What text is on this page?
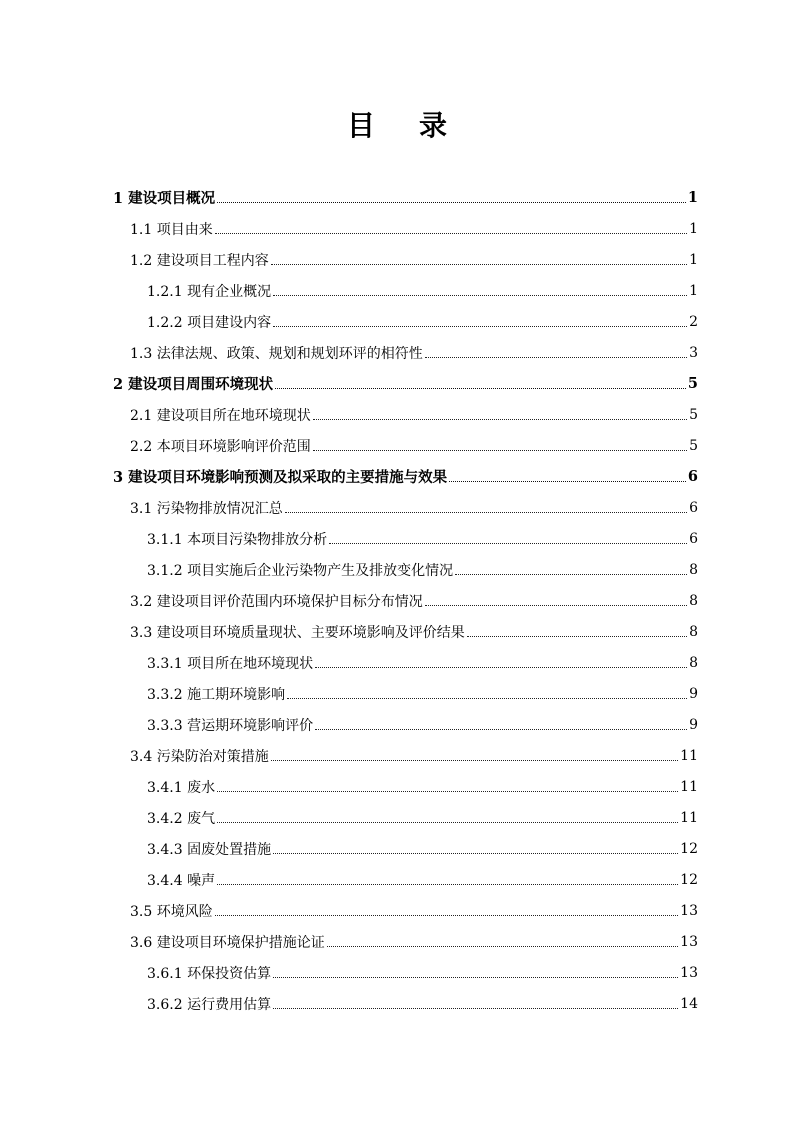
目 录
1 建设项目概况	1
1.1 项目由来	1
1.2 建设项目工程内容	1
1.2.1 现有企业概况	1
1.2.2 项目建设内容	2
1.3 法律法规、政策、规划和规划环评的相符性	3
2 建设项目周围环境现状	5
2.1 建设项目所在地环境现状	5
2.2 本项目环境影响评价范围	5
3 建设项目环境影响预测及拟采取的主要措施与效果	6
3.1 污染物排放情况汇总	6
3.1.1 本项目污染物排放分析	6
3.1.2 项目实施后企业污染物产生及排放变化情况	8
3.2 建设项目评价范围内环境保护目标分布情况	8
3.3 建设项目环境质量现状、主要环境影响及评价结果	8
3.3.1 项目所在地环境现状	8
3.3.2 施工期环境影响	9
3.3.3 营运期环境影响评价	9
3.4 污染防治对策措施	11
3.4.1 废水	11
3.4.2 废气	11
3.4.3 固废处置措施	12
3.4.4 噪声	12
3.5 环境风险	13
3.6 建设项目环境保护措施论证	13
3.6.1 环保投资估算	13
3.6.2 运行费用估算	14
